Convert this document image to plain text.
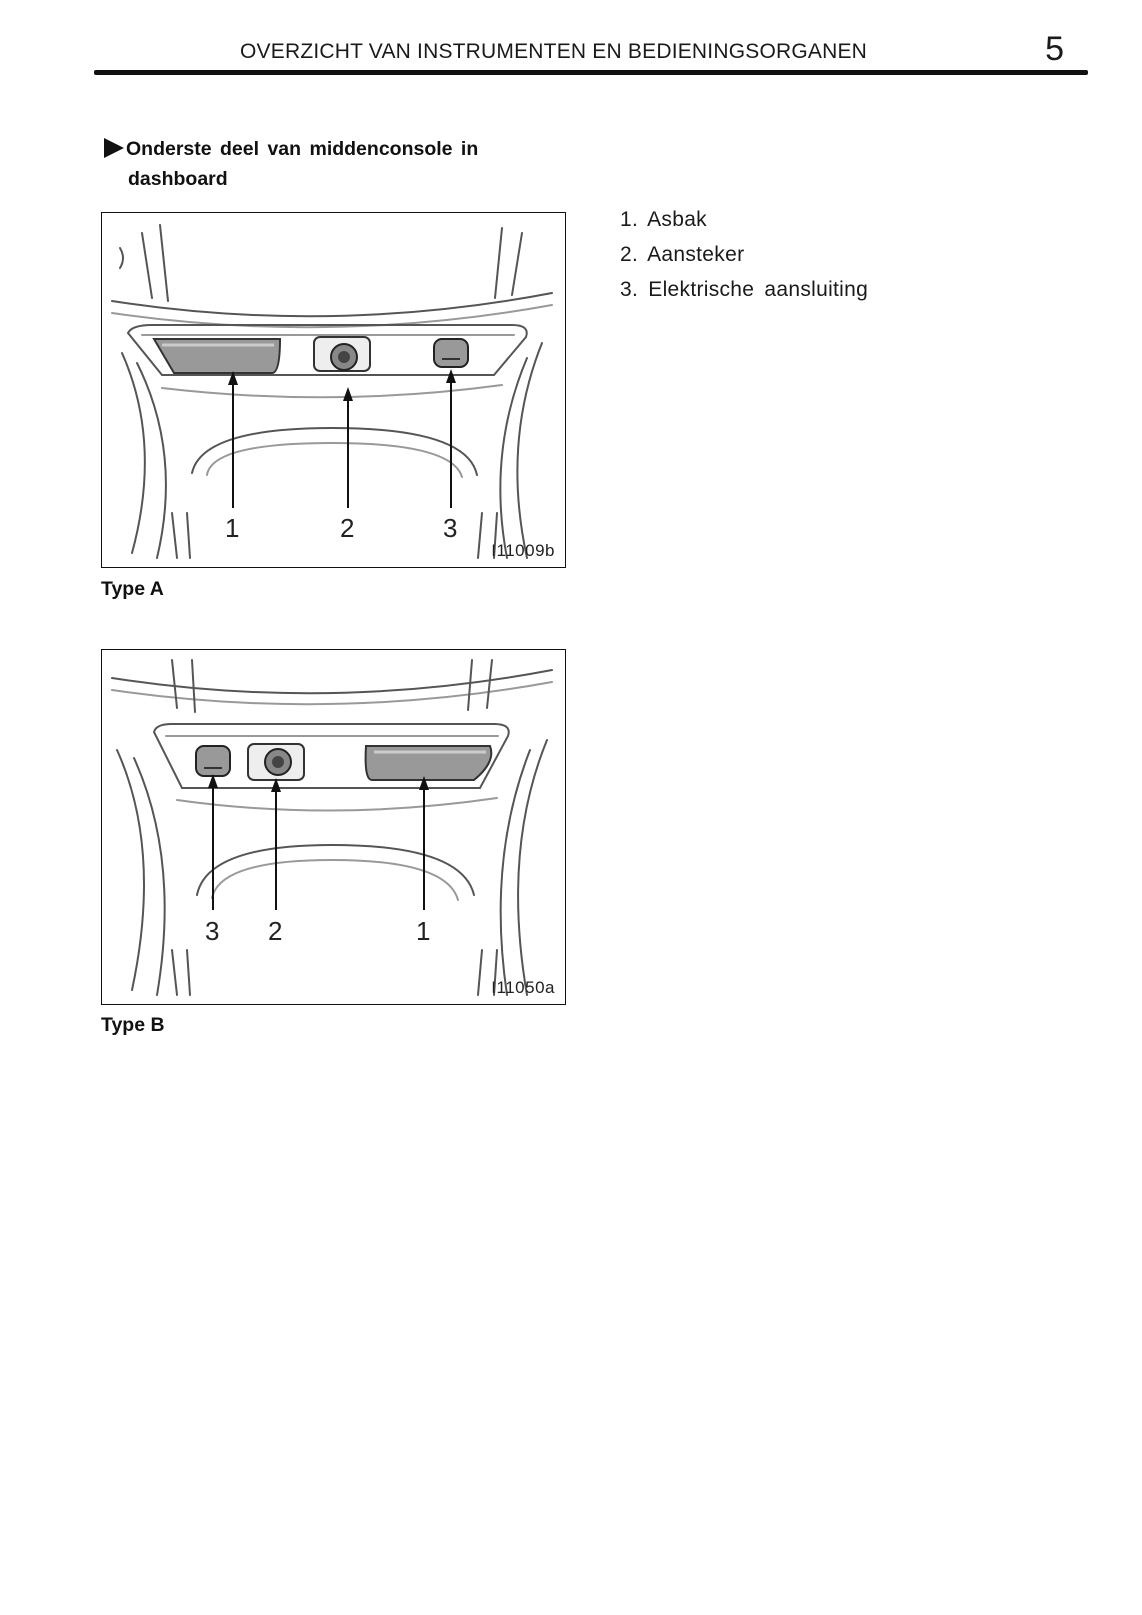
OVERZICHT VAN INSTRUMENTEN EN BEDIENINGSORGANEN	5
Onderste deel van middenconsole in
dashboard
1	2	3
I11009b
Type A
3 2	1
I11050a
Type B
1. Asbak
2. Aansteker
3. Elektrische aansluiting
